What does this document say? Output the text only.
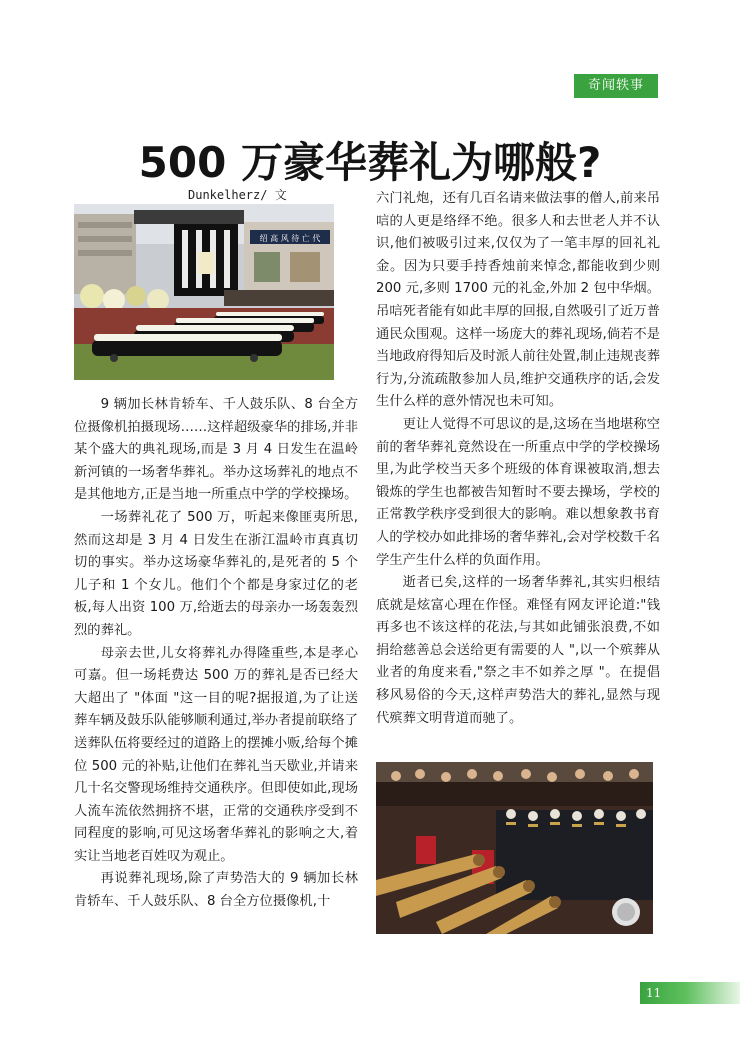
奇闻轶事
500 万豪华葬礼为哪般?
Dunkelherz/ 文
绍 高 风 待 亡 代

9 辆加长林肯轿车、千人鼓乐队、8 台全方位摄像机拍摄现场……这样超级豪华的排场,并非某个盛大的典礼现场,而是 3 月 4 日发生在温岭新河镇的一场奢华葬礼。举办这场葬礼的地点不是其他地方,正是当地一所重点中学的学校操场。

一场葬礼花了 500 万，听起来像匪夷所思,然而这却是 3 月 4 日发生在浙江温岭市真真切切的事实。举办这场豪华葬礼的,是死者的 5 个儿子和 1 个女儿。他们个个都是身家过亿的老板,每人出资 100 万,给逝去的母亲办一场轰轰烈烈的葬礼。

母亲去世,儿女将葬礼办得隆重些,本是孝心可嘉。但一场耗费达 500 万的葬礼是否已经大大超出了 "体面 "这一目的呢?据报道,为了让送葬车辆及鼓乐队能够顺利通过,举办者提前联络了送葬队伍将要经过的道路上的摆摊小贩,给每个摊位 500 元的补贴,让他们在葬礼当天歇业,并请来几十名交警现场维持交通秩序。但即使如此,现场人流车流依然拥挤不堪，正常的交通秩序受到不同程度的影响,可见这场奢华葬礼的影响之大,着实让当地老百姓叹为观止。

再说葬礼现场,除了声势浩大的 9 辆加长林肯轿车、千人鼓乐队、8 台全方位摄像机,十

六门礼炮，还有几百名请来做法事的僧人,前来吊唁的人更是络绎不绝。很多人和去世老人并不认识,他们被吸引过来,仅仅为了一笔丰厚的回礼礼金。因为只要手持香烛前来悼念,都能收到少则 200 元,多则 1700 元的礼金,外加 2 包中华烟。吊唁死者能有如此丰厚的回报,自然吸引了近万普通民众围观。这样一场庞大的葬礼现场,倘若不是当地政府得知后及时派人前往处置,制止违规丧葬行为,分流疏散参加人员,维护交通秩序的话,会发生什么样的意外情况也未可知。

更让人觉得不可思议的是,这场在当地堪称空前的奢华葬礼竟然设在一所重点中学的学校操场里,为此学校当天多个班级的体育课被取消,想去锻炼的学生也都被告知暂时不要去操场，学校的正常教学秩序受到很大的影响。难以想象教书育人的学校办如此排场的奢华葬礼,会对学校数千名学生产生什么样的负面作用。

逝者已矣,这样的一场奢华葬礼,其实归根结底就是炫富心理在作怪。难怪有网友评论道:"钱再多也不该这样的花法,与其如此铺张浪费,不如捐给慈善总会送给更有需要的人 ",以一个殡葬从业者的角度来看,"祭之丰不如养之厚 "。在提倡移风易俗的今天,这样声势浩大的葬礼,显然与现代殡葬文明背道而驰了。

11
